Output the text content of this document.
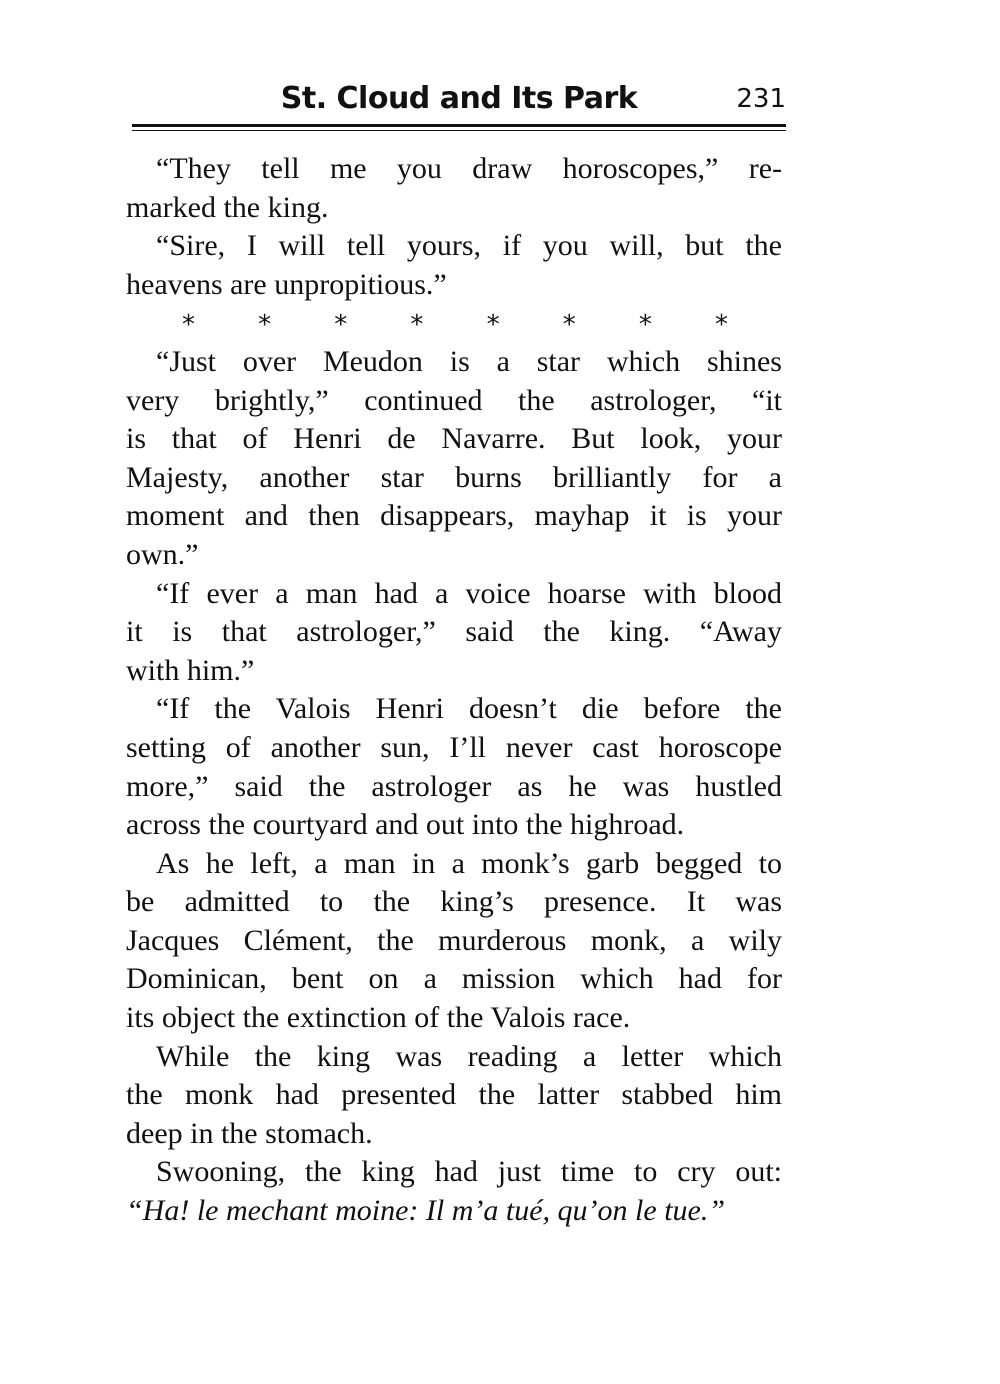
St. Cloud and Its Park	231
“They tell me you draw horoscopes,” re-
marked the king.
“Sire, I will tell yours, if you will, but the
heavens are unpropitious.”
* * * * * * * *
“Just over Meudon is a star which shines
very brightly,” continued the astrologer, “it
is that of Henri de Navarre. But look, your
Majesty, another star burns brilliantly for a
moment and then disappears, mayhap it is your
own.”
“If ever a man had a voice hoarse with blood
it is that astrologer,” said the king. “Away
with him.”
“If the Valois Henri doesn’t die before the
setting of another sun, I’ll never cast horoscope
more,” said the astrologer as he was hustled
across the courtyard and out into the highroad.
As he left, a man in a monk’s garb begged to
be admitted to the king’s presence. It was
Jacques Clément, the murderous monk, a wily
Dominican, bent on a mission which had for
its object the extinction of the Valois race.
While the king was reading a letter which
the monk had presented the latter stabbed him
deep in the stomach.
Swooning, the king had just time to cry out:
“Ha! le mechant moine: Il m’a tué, qu’on le tue.”
